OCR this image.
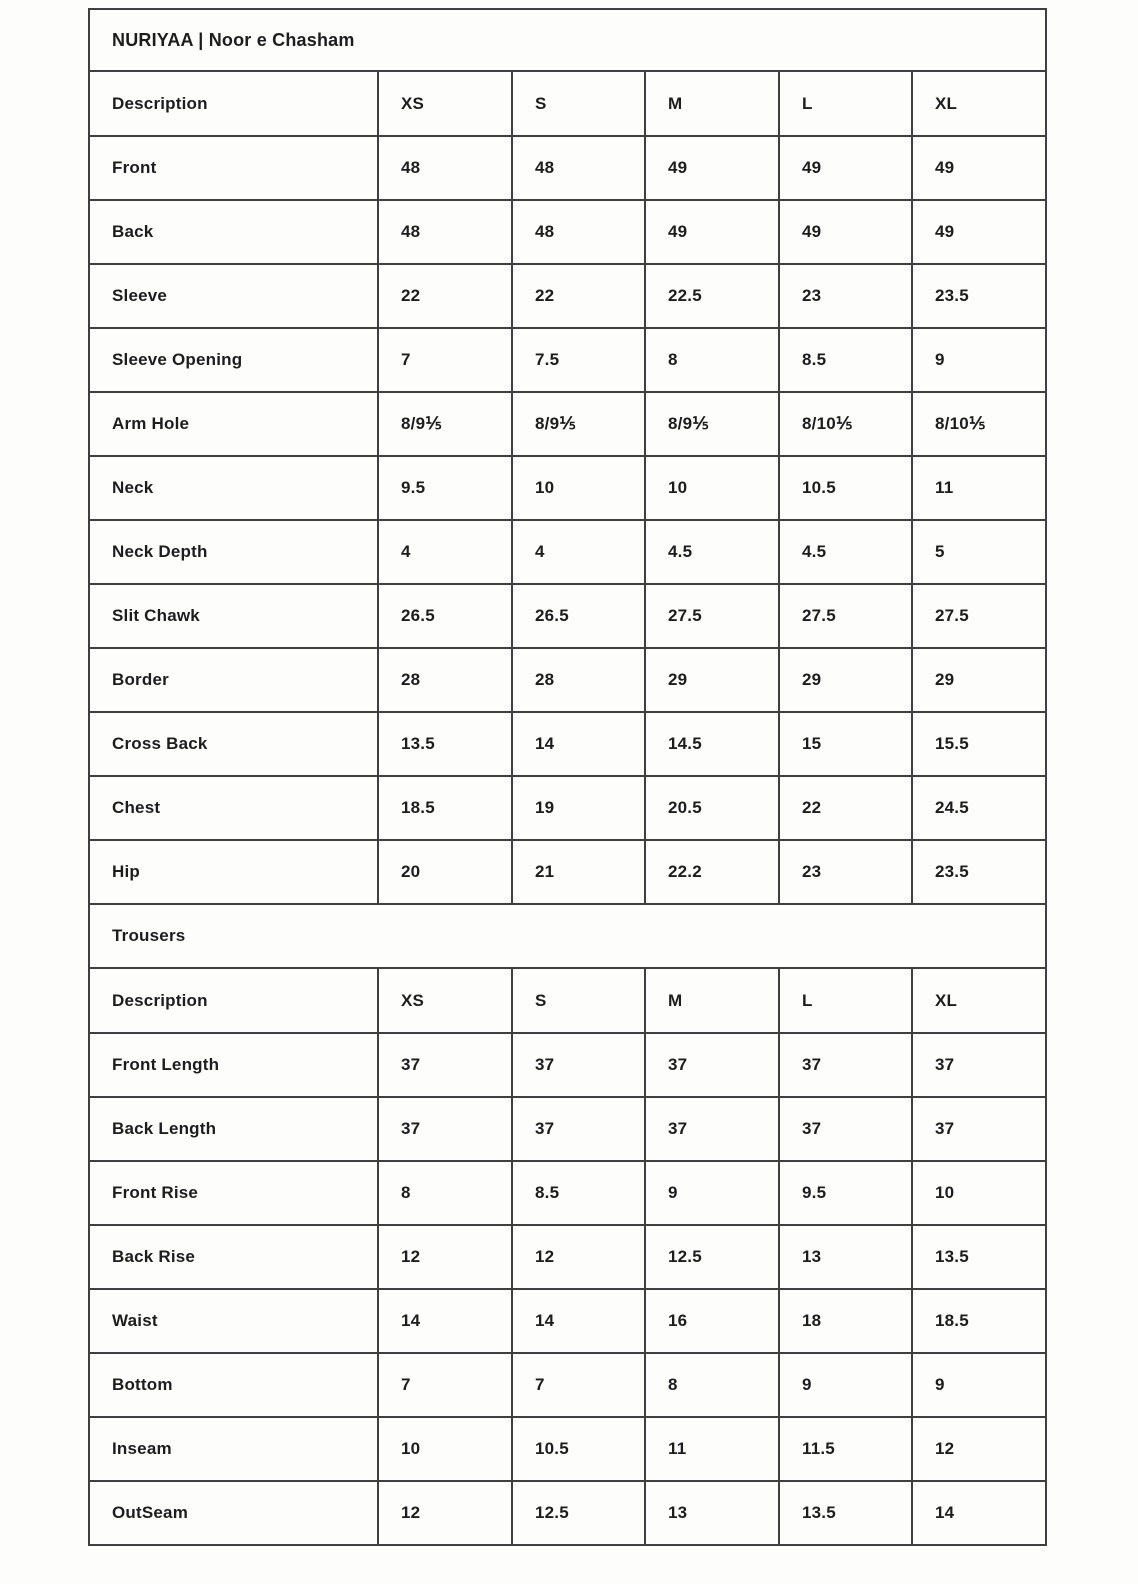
NURIYAA | Noor e Chasham					
Description	XS	S	M	L	XL
Front	48	48	49	49	49
Back	48	48	49	49	49
Sleeve	22	22	22.5	23	23.5
Sleeve Opening	7	7.5	8	8.5	9
Arm Hole	8/9⅕	8/9⅕	8/9⅕	8/10⅕	8/10⅕
Neck	9.5	10	10	10.5	11
Neck Depth	4	4	4.5	4.5	5
Slit Chawk	26.5	26.5	27.5	27.5	27.5
Border	28	28	29	29	29
Cross Back	13.5	14	14.5	15	15.5
Chest	18.5	19	20.5	22	24.5
Hip	20	21	22.2	23	23.5
Trousers					
Description	XS	S	M	L	XL
Front Length	37	37	37	37	37
Back Length	37	37	37	37	37
Front Rise	8	8.5	9	9.5	10
Back Rise	12	12	12.5	13	13.5
Waist	14	14	16	18	18.5
Bottom	7	7	8	9	9
Inseam	10	10.5	11	11.5	12
OutSeam	12	12.5	13	13.5	14
